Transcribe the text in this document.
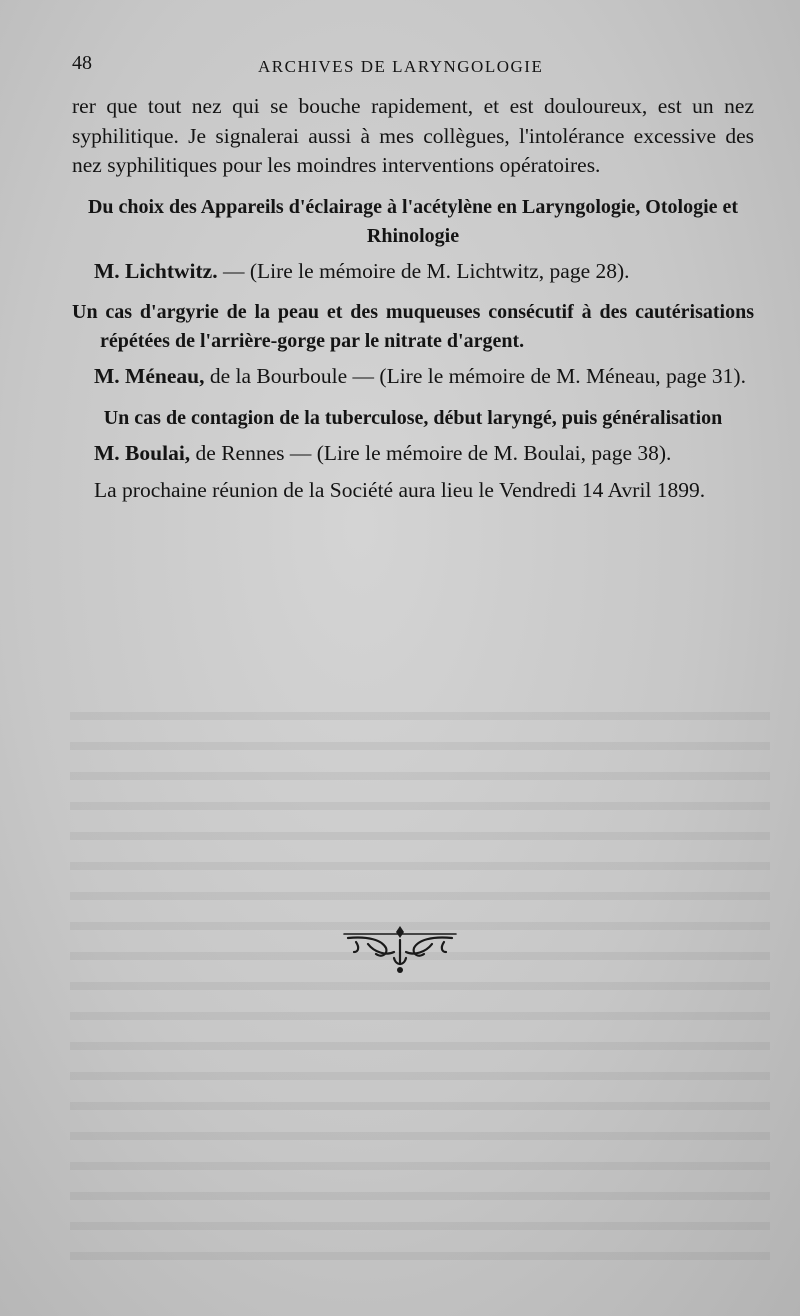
48	ARCHIVES DE LARYNGOLOGIE

rer que tout nez qui se bouche rapidement, et est douloureux, est un nez syphilitique. Je signalerai aussi à mes collègues, l'intolérance excessive des nez syphilitiques pour les moindres interventions opératoires.

Du choix des Appareils d'éclairage à l'acétylène en Laryngologie, Otologie et Rhinologie

M. Lichtwitz. — (Lire le mémoire de M. Lichtwitz, page 28).

Un cas d'argyrie de la peau et des muqueuses consécutif à des cautérisations répétées de l'arrière-gorge par le nitrate d'argent.

M. Méneau, de la Bourboule — (Lire le mémoire de M. Méneau, page 31).

Un cas de contagion de la tuberculose, début laryngé, puis généralisation

M. Boulai, de Rennes — (Lire le mémoire de M. Boulai, page 38).

La prochaine réunion de la Société aura lieu le Vendredi 14 Avril 1899.
